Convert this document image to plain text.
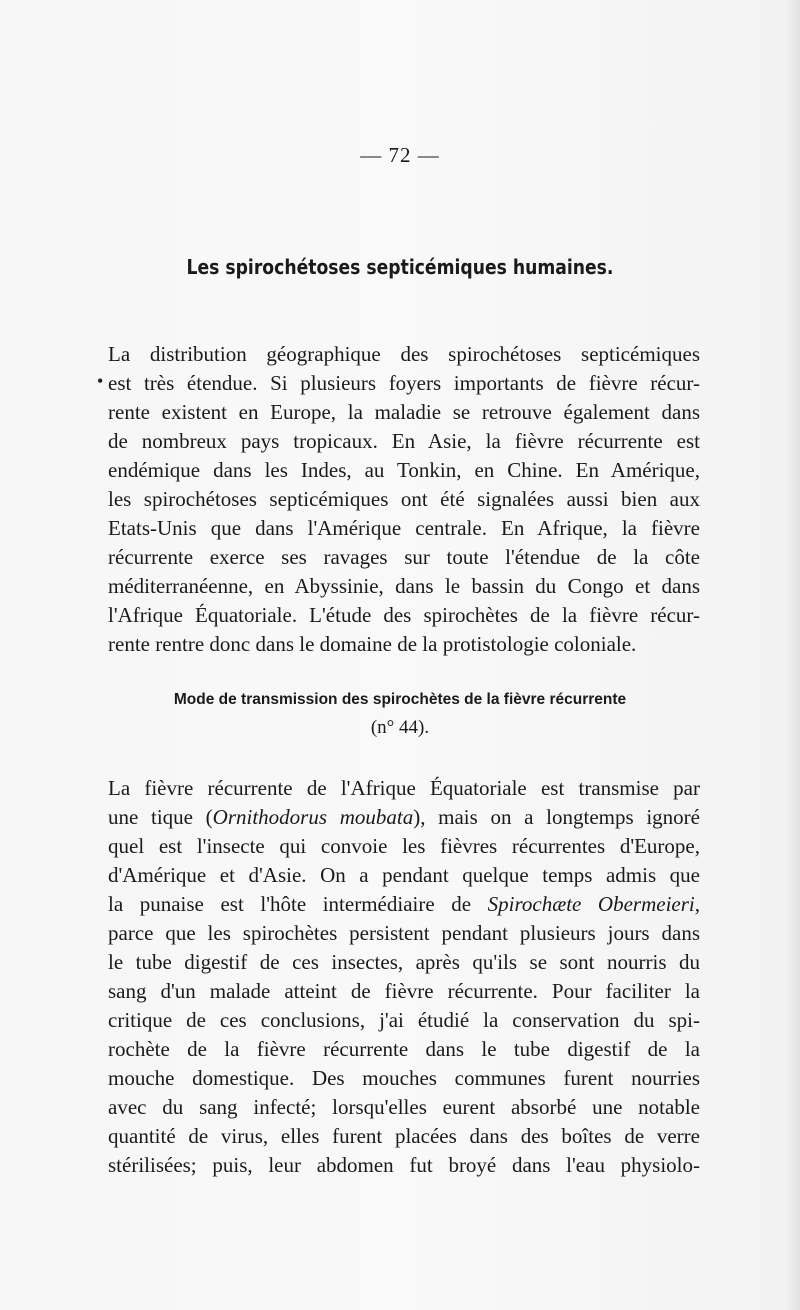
— 72 —
Les spirochétoses septicémiques humaines.
•
La distribution géographique des spirochétoses septicémiques
est très étendue. Si plusieurs foyers importants de fièvre récur-
rente existent en Europe, la maladie se retrouve également dans
de nombreux pays tropicaux. En Asie, la fièvre récurrente est
endémique dans les Indes, au Tonkin, en Chine. En Amérique,
les spirochétoses septicémiques ont été signalées aussi bien aux
Etats-Unis que dans l'Amérique centrale. En Afrique, la fièvre
récurrente exerce ses ravages sur toute l'étendue de la côte
méditerranéenne, en Abyssinie, dans le bassin du Congo et dans
l'Afrique Équatoriale. L'étude des spirochètes de la fièvre récur-
rente rentre donc dans le domaine de la protistologie coloniale.
Mode de transmission des spirochètes de la fièvre récurrente
(n° 44).
La fièvre récurrente de l'Afrique Équatoriale est transmise par
une tique (Ornithodorus moubata), mais on a longtemps ignoré
quel est l'insecte qui convoie les fièvres récurrentes d'Europe,
d'Amérique et d'Asie. On a pendant quelque temps admis que
la punaise est l'hôte intermédiaire de Spirochæte Obermeieri,
parce que les spirochètes persistent pendant plusieurs jours dans
le tube digestif de ces insectes, après qu'ils se sont nourris du
sang d'un malade atteint de fièvre récurrente. Pour faciliter la
critique de ces conclusions, j'ai étudié la conservation du spi-
rochète de la fièvre récurrente dans le tube digestif de la
mouche domestique. Des mouches communes furent nourries
avec du sang infecté; lorsqu'elles eurent absorbé une notable
quantité de virus, elles furent placées dans des boîtes de verre
stérilisées; puis, leur abdomen fut broyé dans l'eau physiolo-
